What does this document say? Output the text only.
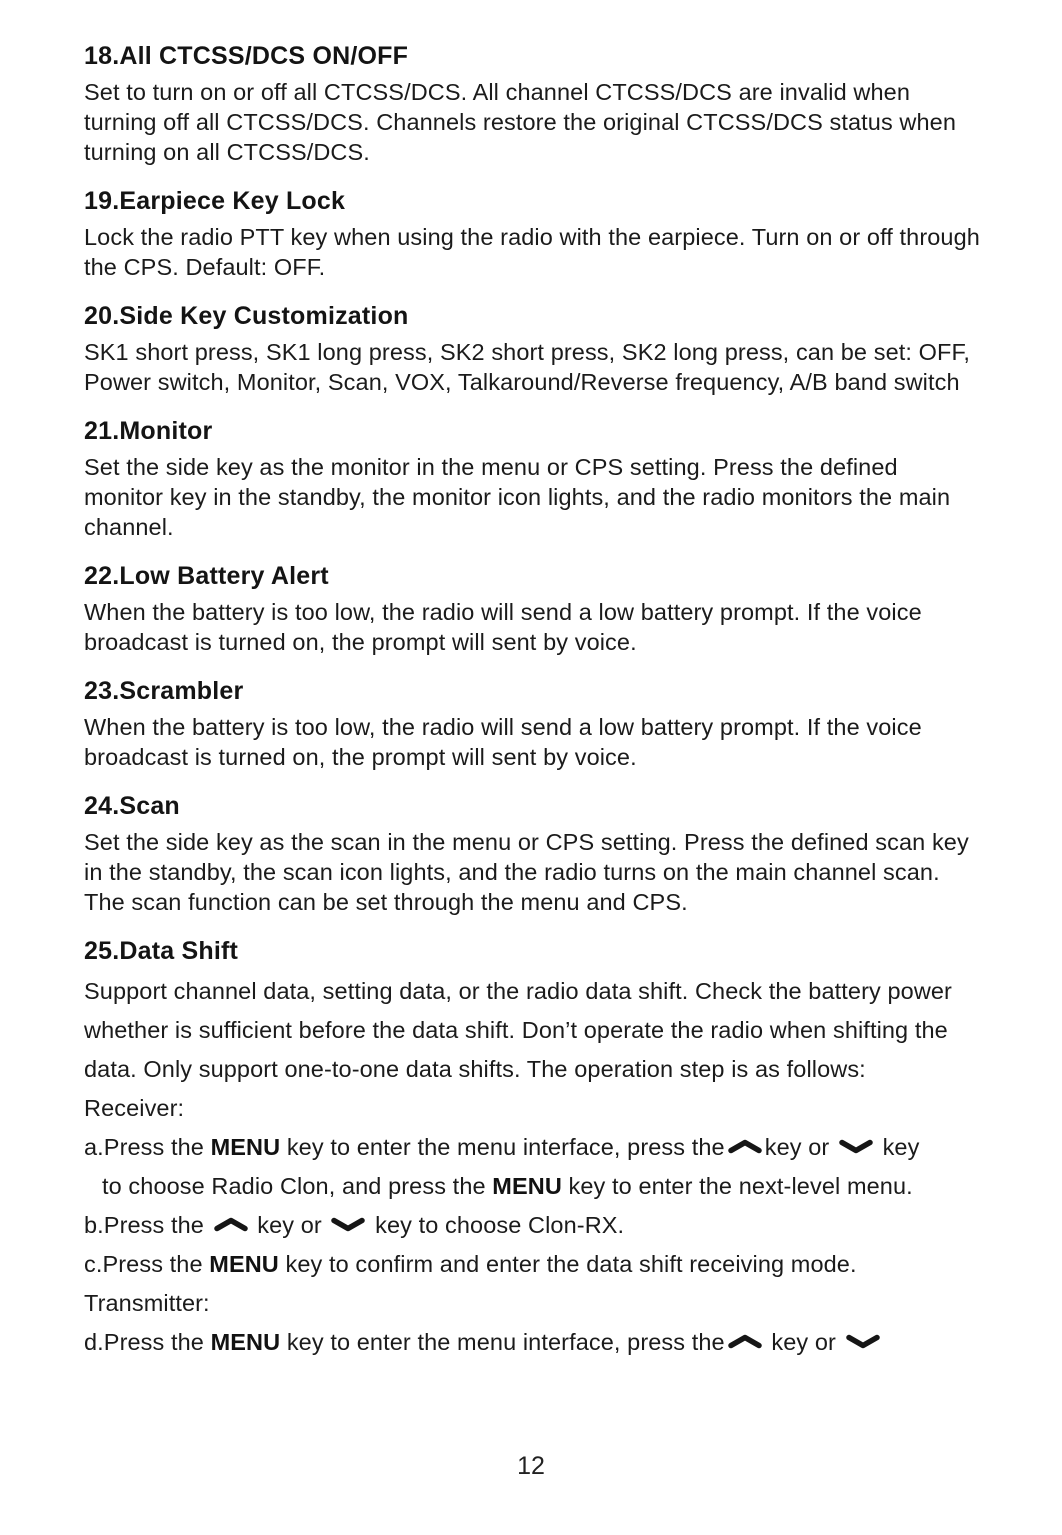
18.All CTCSS/DCS ON/OFF

Set to turn on or off all CTCSS/DCS. All channel CTCSS/DCS are invalid when turning off all CTCSS/DCS. Channels restore the original CTCSS/DCS status when turning on all CTCSS/DCS.

19.Earpiece Key Lock

Lock the radio PTT key when using the radio with the earpiece. Turn on or off through the CPS. Default: OFF.

20.Side Key Customization

SK1 short press, SK1 long press, SK2 short press, SK2 long press, can be set: OFF, Power switch, Monitor, Scan, VOX, Talkaround/Reverse frequency, A/B band switch

21.Monitor

Set the side key as the monitor in the menu or CPS setting. Press the defined monitor key in the standby, the monitor icon lights, and the radio monitors the main channel.

22.Low Battery Alert

When the battery is too low, the radio will send a low battery prompt. If the voice broadcast is turned on, the prompt will sent by voice.

23.Scrambler

When the battery is too low, the radio will send a low battery prompt. If the voice broadcast is turned on, the prompt will sent by voice.

24.Scan

Set the side key as the scan in the menu or CPS setting. Press the defined scan key in the standby, the scan icon lights, and the radio turns on the main channel scan. The scan function can be set through the menu and CPS.

25.Data Shift

Support channel data, setting data, or the radio data shift. Check the battery power whether is sufficient before the data shift. Don’t operate the radio when shifting the data. Only support one-to-one data shifts. The operation step is as follows:

Receiver:
a.Press the MENU key to enter the menu interface, press the key or
key
to choose Radio Clon, and press the MENU key to enter the next-level menu.
b.Press the
key or
key to choose Clon-RX.
c.Press the MENU key to confirm and enter the data shift receiving mode.
Transmitter:
d.Press the MENU key to enter the menu interface, press the
key or
12
